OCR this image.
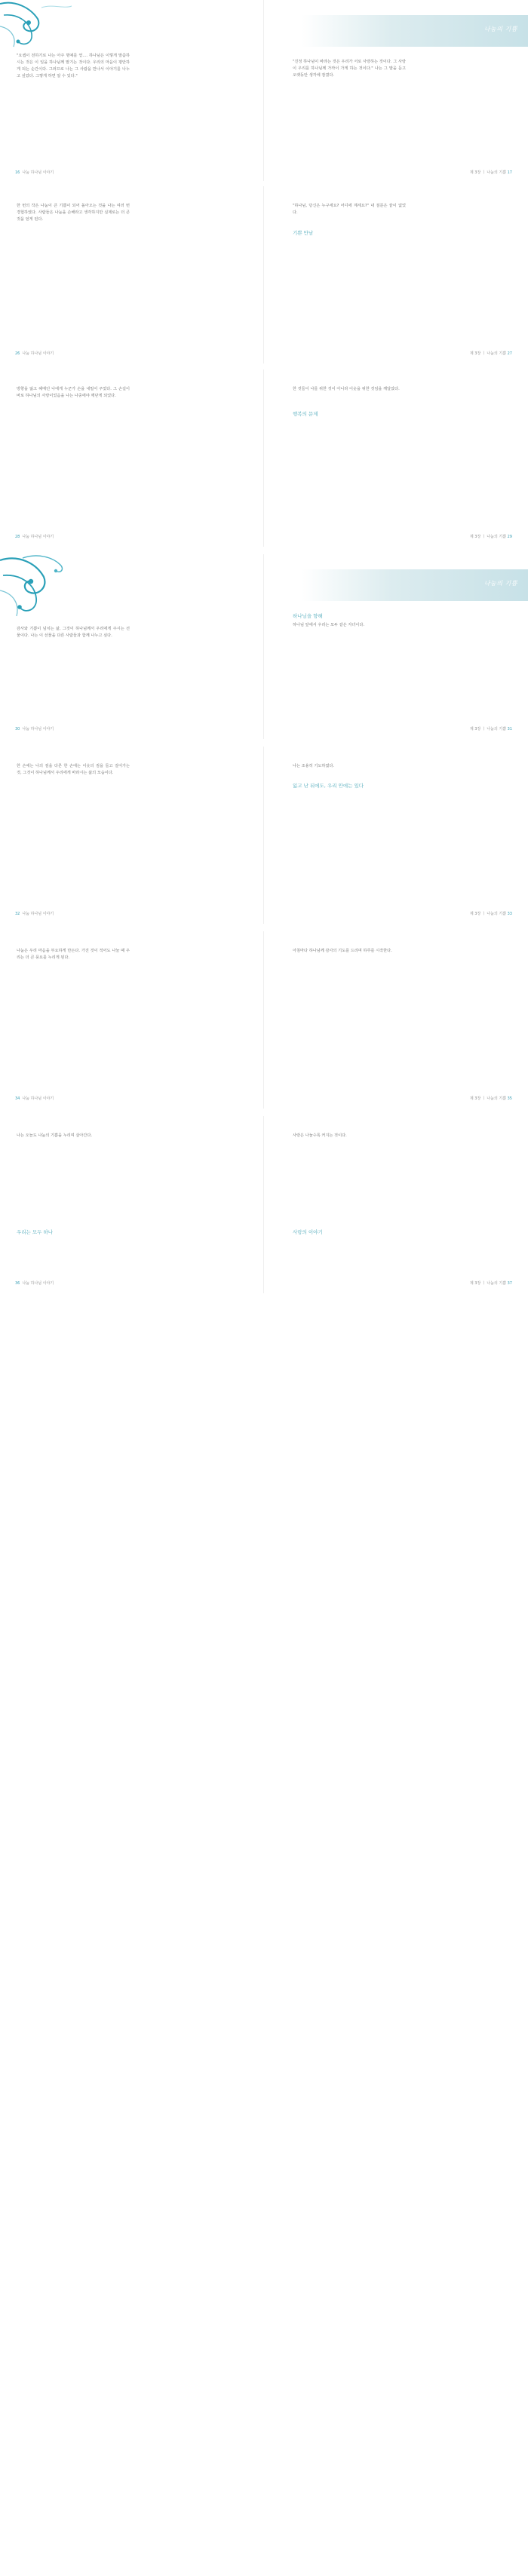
"요셉이 전하기로 나는 아주 명예를 얻.... 하나님은 이렇게 말씀하시는 것은 이 일을 하나님께 맡기는 것이다. 우리의 마음이 평안하게 되는 순간이다. 그러므로 나는 그 사람을 만나서 이야기를 나누고 싶었다. 그렇게 하면 알 수 있다."
16 나눔 하나님 이야기
나눔의 기쁨
"진정 하나님이 바라는 것은 우리가 서로 사랑하는 것이다. 그 사랑이 우리를 하나님께 가까이 가게 하는 것이다." 나는 그 말을 듣고 오랫동안 생각에 잠겼다.
제 3장 ㅣ 나눔의 기쁨 17
한 번의 작은 나눔이 큰 기쁨이 되어 돌아오는 것을 나는 여러 번 경험하였다. 사람들은 나눔을 손해라고 생각하지만 실제로는 더 큰 것을 얻게 된다.
26 나눔 하나님 이야기
"하나님, 당신은 누구세요? 어디에 계세요?" 내 질문은 끝이 없었다.
기쁜 만남
제 3장 ㅣ 나눔의 기쁨 27
방향을 잃고 헤매던 나에게 누군가 손을 내밀어 주었다. 그 손길이 바로 하나님의 사랑이었음을 나는 나중에야 깨닫게 되었다.
28 나눔 하나님 이야기
한 것들이 나를 위한 것이 아니라 이웃을 위한 것임을 깨달았다.
행복의 문제
제 3장 ㅣ 나눔의 기쁨 29
감사와 기쁨이 넘치는 삶, 그것이 하나님께서 우리에게 주시는 선물이다. 나는 이 선물을 다른 사람들과 함께 나누고 싶다.
30 나눔 하나님 이야기
나눔의 기쁨
하나님을 향해
하나님 앞에서 우리는 모두 같은 자녀이다.
제 3장 ㅣ 나눔의 기쁨 31
한 손에는 나의 짐을 다른 한 손에는 이웃의 짐을 들고 걸어가는 것, 그것이 하나님께서 우리에게 바라시는 삶의 모습이다.
32 나눔 하나님 이야기
나는 조용히 기도하였다.
잃고 난 뒤에도, 우리 안에는 있다
제 3장 ㅣ 나눔의 기쁨 33
나눔은 우리 마음을 부요하게 만든다. 가진 것이 적어도 나눌 때 우리는 더 큰 풍요를 누리게 된다.
34 나눔 하나님 이야기
아침마다 하나님께 감사의 기도를 드리며 하루를 시작한다.
제 3장 ㅣ 나눔의 기쁨 35
나는 오늘도 나눔의 기쁨을 누리며 살아간다.
우리는 모두 하나
36 나눔 하나님 이야기
사랑은 나눌수록 커지는 것이다.
사랑의 이야기
제 3장 ㅣ 나눔의 기쁨 37
